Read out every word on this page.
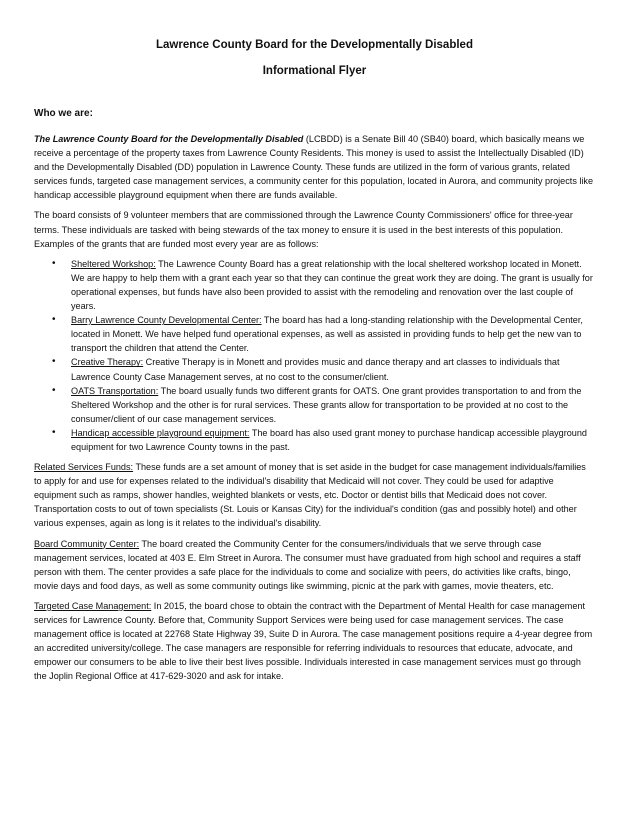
Lawrence County Board for the Developmentally Disabled
Informational Flyer
Who we are:

The Lawrence County Board for the Developmentally Disabled (LCBDD) is a Senate Bill 40 (SB40) board, which basically means we receive a percentage of the property taxes from Lawrence County Residents. This money is used to assist the Intellectually Disabled (ID) and the Developmentally Disabled (DD) population in Lawrence County. These funds are utilized in the form of various grants, related services funds, targeted case management services, a community center for this population, located in Aurora, and community projects like handicap accessible playground equipment when there are funds available.

The board consists of 9 volunteer members that are commissioned through the Lawrence County Commissioners' office for three-year terms. These individuals are tasked with being stewards of the tax money to ensure it is used in the best interests of this population. Examples of the grants that are funded most every year are as follows:

• Sheltered Workshop: The Lawrence County Board has a great relationship with the local sheltered workshop located in Monett. We are happy to help them with a grant each year so that they can continue the great work they are doing. The grant is usually for operational expenses, but funds have also been provided to assist with the remodeling and renovation over the last couple of years.
• Barry Lawrence County Developmental Center: The board has had a long-standing relationship with the Developmental Center, located in Monett. We have helped fund operational expenses, as well as assisted in providing funds to help get the new van to transport the children that attend the Center.
• Creative Therapy: Creative Therapy is in Monett and provides music and dance therapy and art classes to individuals that Lawrence County Case Management serves, at no cost to the consumer/client.
• OATS Transportation: The board usually funds two different grants for OATS. One grant provides transportation to and from the Sheltered Workshop and the other is for rural services. These grants allow for transportation to be provided at no cost to the consumer/client of our case management services.
• Handicap accessible playground equipment: The board has also used grant money to purchase handicap accessible playground equipment for two Lawrence County towns in the past.

Related Services Funds: These funds are a set amount of money that is set aside in the budget for case management individuals/families to apply for and use for expenses related to the individual's disability that Medicaid will not cover. They could be used for adaptive equipment such as ramps, shower handles, weighted blankets or vests, etc. Doctor or dentist bills that Medicaid does not cover. Transportation costs to out of town specialists (St. Louis or Kansas City) for the individual's condition (gas and possibly hotel) and other various expenses, again as long is it relates to the individual's disability.

Board Community Center: The board created the Community Center for the consumers/individuals that we serve through case management services, located at 403 E. Elm Street in Aurora. The consumer must have graduated from high school and requires a staff person with them. The center provides a safe place for the individuals to come and socialize with peers, do activities like crafts, bingo, movie days and food days, as well as some community outings like swimming, picnic at the park with games, movie theaters, etc.

Targeted Case Management: In 2015, the board chose to obtain the contract with the Department of Mental Health for case management services for Lawrence County. Before that, Community Support Services were being used for case management services. The case management office is located at 22768 State Highway 39, Suite D in Aurora. The case management positions require a 4-year degree from an accredited university/college. The case managers are responsible for referring individuals to resources that educate, advocate, and empower our consumers to be able to live their best lives possible. Individuals interested in case management services must go through the Joplin Regional Office at 417-629-3020 and ask for intake.
